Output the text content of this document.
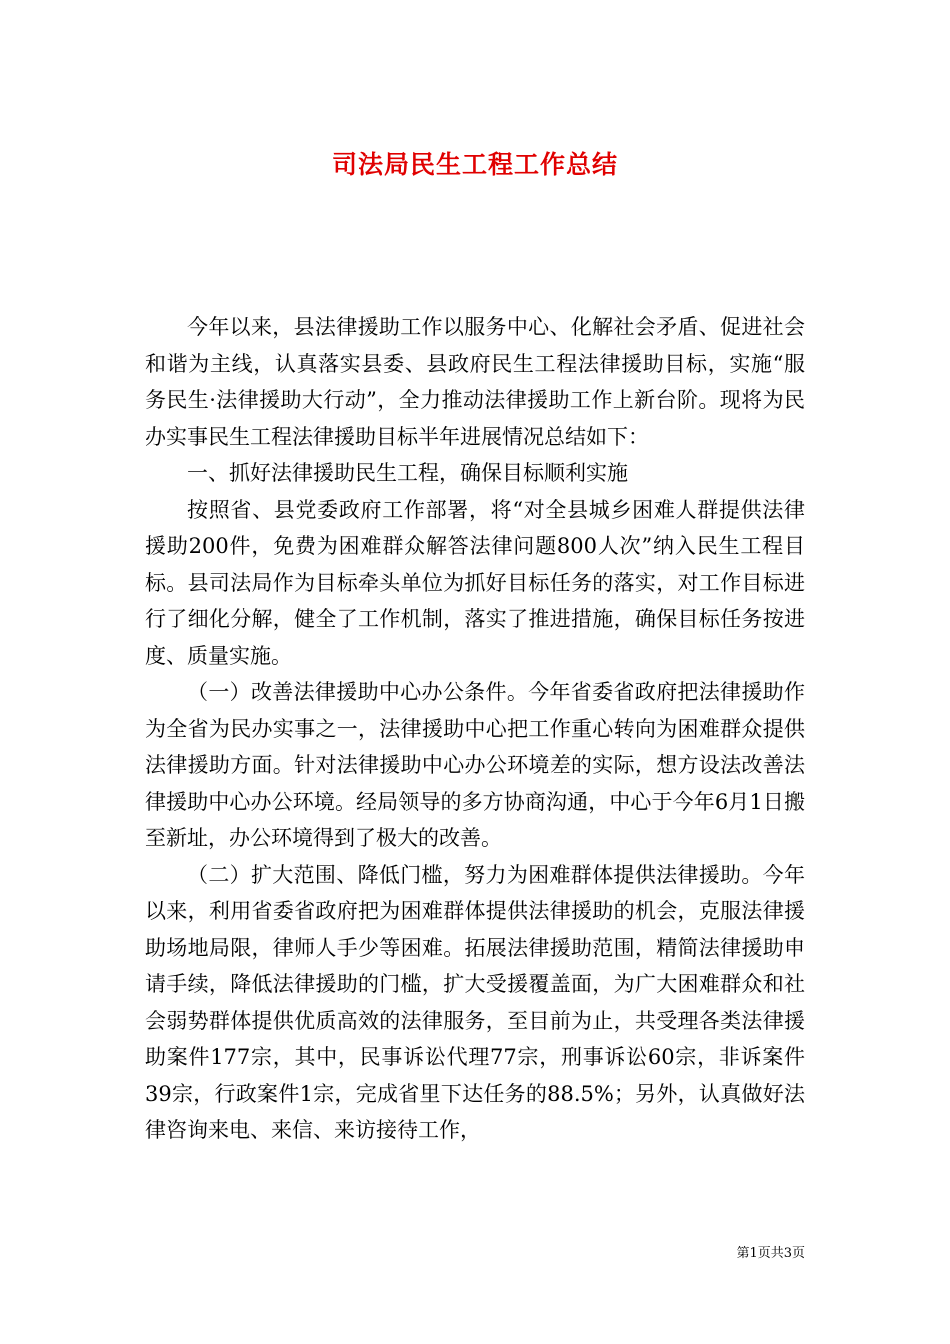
司法局民生工程工作总结

今年以来，县法律援助工作以服务中心、化解社会矛盾、促进社会和谐为主线，认真落实县委、县政府民生工程法律援助目标，实施“服务民生·法律援助大行动”，全力推动法律援助工作上新台阶。现将为民办实事民生工程法律援助目标半年进展情况总结如下：

一、抓好法律援助民生工程，确保目标顺利实施

按照省、县党委政府工作部署，将“对全县城乡困难人群提供法律援助200件，免费为困难群众解答法律问题800人次”纳入民生工程目标。县司法局作为目标牵头单位为抓好目标任务的落实，对工作目标进行了细化分解，健全了工作机制，落实了推进措施，确保目标任务按进度、质量实施。

（一）改善法律援助中心办公条件。今年省委省政府把法律援助作为全省为民办实事之一，法律援助中心把工作重心转向为困难群众提供法律援助方面。针对法律援助中心办公环境差的实际，想方设法改善法律援助中心办公环境。经局领导的多方协商沟通，中心于今年6月1日搬至新址，办公环境得到了极大的改善。

（二）扩大范围、降低门槛，努力为困难群体提供法律援助。今年以来，利用省委省政府把为困难群体提供法律援助的机会，克服法律援助场地局限，律师人手少等困难。拓展法律援助范围，精简法律援助申请手续，降低法律援助的门槛，扩大受援覆盖面，为广大困难群众和社会弱势群体提供优质高效的法律服务，至目前为止，共受理各类法律援助案件177宗，其中，民事诉讼代理77宗，刑事诉讼60宗，非诉案件39宗，行政案件1宗，完成省里下达任务的88.5%；另外，认真做好法律咨询来电、来信、来访接待工作，

第1页共3页
